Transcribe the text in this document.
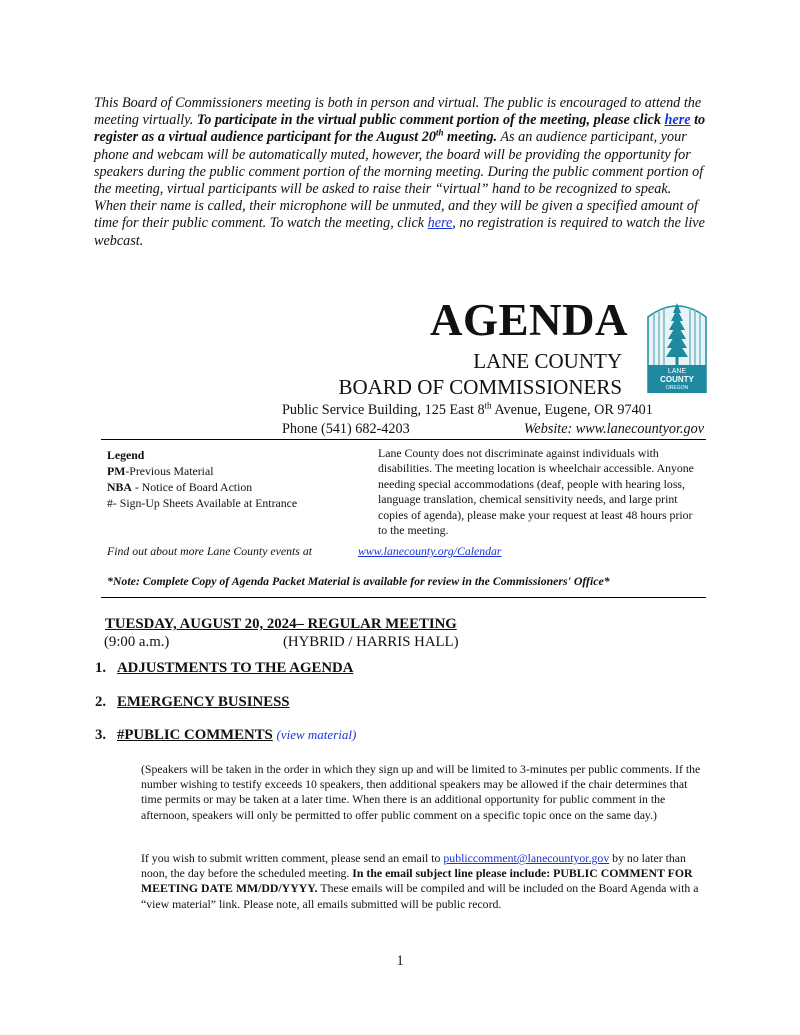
This Board of Commissioners meeting is both in person and virtual. The public is encouraged to attend the meeting virtually. To participate in the virtual public comment portion of the meeting, please click here to register as a virtual audience participant for the August 20th meeting. As an audience participant, your phone and webcam will be automatically muted, however, the board will be providing the opportunity for speakers during the public comment portion of the morning meeting. During the public comment portion of the meeting, virtual participants will be asked to raise their “virtual” hand to be recognized to speak. When their name is called, their microphone will be unmuted, and they will be given a specified amount of time for their public comment. To watch the meeting, click here, no registration is required to watch the live webcast.

AGENDA
LANE COUNTY
BOARD OF COMMISSIONERS
Public Service Building, 125 East 8th Avenue, Eugene, OR 97401
Phone (541) 682-4203	Website: www.lanecountyor.gov
LANE
COUNTY
OREGON
Legend
PM-Previous Material
NBA - Notice of Board Action
#- Sign-Up Sheets Available at Entrance
Lane County does not discriminate against individuals with disabilities. The meeting location is wheelchair accessible. Anyone needing special accommodations (deaf, people with hearing loss, language translation, chemical sensitivity needs, and large print copies of agenda), please make your request at least 48 hours prior to the meeting.
Find out about more Lane County events at	www.lanecounty.org/Calendar
*Note: Complete Copy of Agenda Packet Material is available for review in the Commissioners' Office*
TUESDAY, AUGUST 20, 2024– REGULAR MEETING
(9:00 a.m.)	(HYBRID / HARRIS HALL)
1. ADJUSTMENTS TO THE AGENDA
2. EMERGENCY BUSINESS
3. #PUBLIC COMMENTS (view material)

(Speakers will be taken in the order in which they sign up and will be limited to 3-minutes per public comments. If the number wishing to testify exceeds 10 speakers, then additional speakers may be allowed if the chair determines that time permits or may be taken at a later time. When there is an additional opportunity for public comment in the afternoon, speakers will only be permitted to offer public comment on a specific topic once on the same day.)

If you wish to submit written comment, please send an email to publiccomment@lanecountyor.gov by no later than noon, the day before the scheduled meeting. In the email subject line please include: PUBLIC COMMENT FOR MEETING DATE MM/DD/YYYY. These emails will be compiled and will be included on the Board Agenda with a “view material” link. Please note, all emails submitted will be public record.

1
